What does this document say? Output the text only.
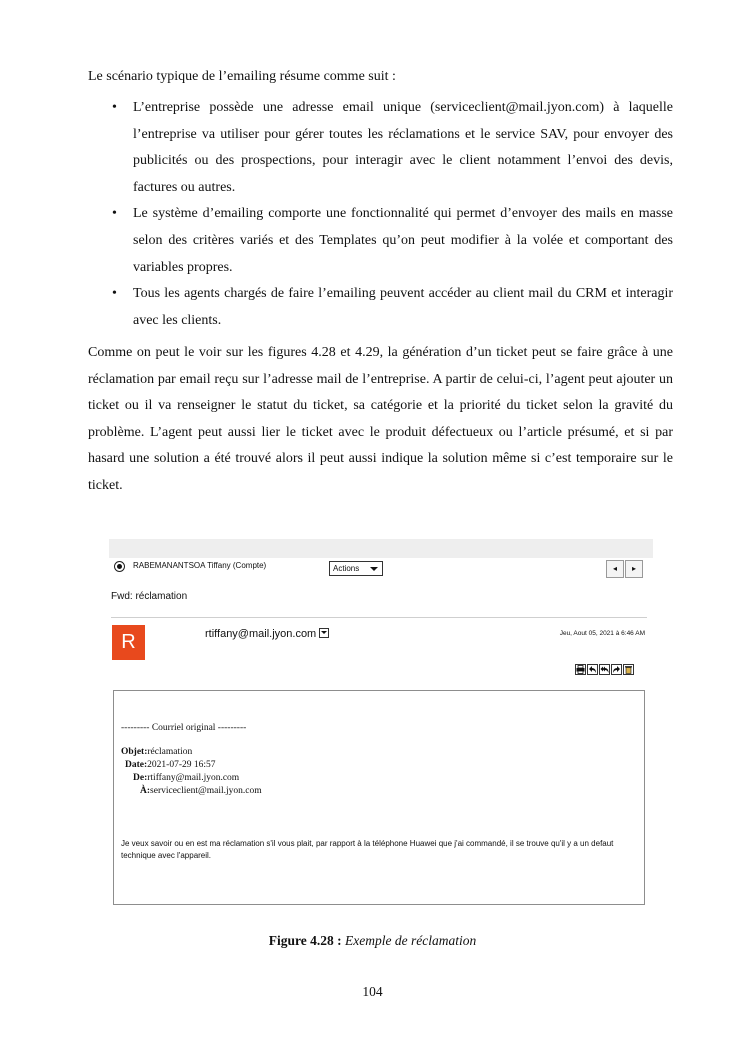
Le scénario typique de l’emailing résume comme suit :

• L’entreprise possède une adresse email unique (serviceclient@mail.jyon.com) à laquelle l’entreprise va utiliser pour gérer toutes les réclamations et le service SAV, pour envoyer des publicités ou des prospections, pour interagir avec le client notamment l’envoi des devis, factures ou autres.
• Le système d’emailing comporte une fonctionnalité qui permet d’envoyer des mails en masse selon des critères variés et des Templates qu’on peut modifier à la volée et comportant des variables propres.
• Tous les agents chargés de faire l’emailing peuvent accéder au client mail du CRM et interagir avec les clients.

Comme on peut le voir sur les figures 4.28 et 4.29, la génération d’un ticket peut se faire grâce à une réclamation par email reçu sur l’adresse mail de l’entreprise. A partir de celui-ci, l’agent peut ajouter un ticket ou il va renseigner le statut du ticket, sa catégorie et la priorité du ticket selon la gravité du problème. L’agent peut aussi lier le ticket avec le produit défectueux ou l’article présumé, et si par hasard une solution a été trouvé alors il peut aussi indique la solution même si c’est temporaire sur le ticket.

RABEMANANTSOA Tiffany (Compte)	Actions	◂	▸
Fwd: réclamation
R	rtiffany@mail.jyon.com	Jeu, Aout 05, 2021 à 6:46 AM
--------- Courriel original ---------
Objet:réclamation
Date:2021-07-29 16:57
De:rtiffany@mail.jyon.com
À:serviceclient@mail.jyon.com
Je veux savoir ou en est ma réclamation s'il vous plait, par rapport à la téléphone Huawei que j'ai commandé, il se trouve qu'il y a un defaut technique avec l'appareil.
Figure 4.28 : Exemple de réclamation
104
